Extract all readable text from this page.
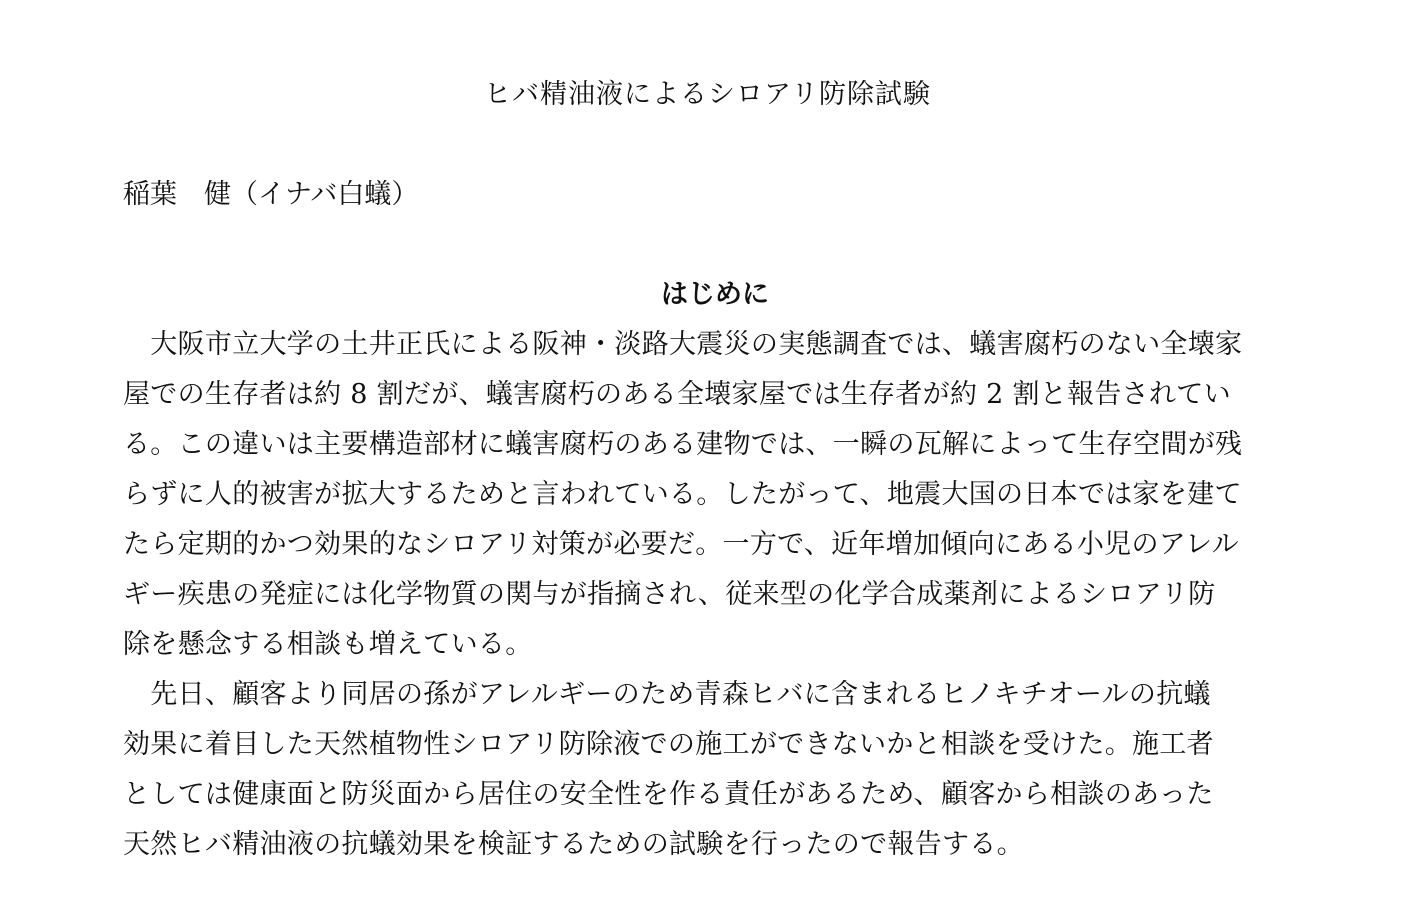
ヒバ精油液によるシロアリ防除試験
稲葉　健（イナバ白蟻）
はじめに
　大阪市立大学の土井正氏による阪神・淡路大震災の実態調査では、蟻害腐朽のない全壊家
屋での生存者は約 8 割だが、蟻害腐朽のある全壊家屋では生存者が約 2 割と報告されてい
る。この違いは主要構造部材に蟻害腐朽のある建物では、一瞬の瓦解によって生存空間が残
らずに人的被害が拡大するためと言われている。したがって、地震大国の日本では家を建て
たら定期的かつ効果的なシロアリ対策が必要だ。一方で、近年増加傾向にある小児のアレル
ギー疾患の発症には化学物質の関与が指摘され、従来型の化学合成薬剤によるシロアリ防
除を懸念する相談も増えている。
　先日、顧客より同居の孫がアレルギーのため青森ヒバに含まれるヒノキチオールの抗蟻
効果に着目した天然植物性シロアリ防除液での施工ができないかと相談を受けた。施工者
としては健康面と防災面から居住の安全性を作る責任があるため、顧客から相談のあった
天然ヒバ精油液の抗蟻効果を検証するための試験を行ったので報告する。
